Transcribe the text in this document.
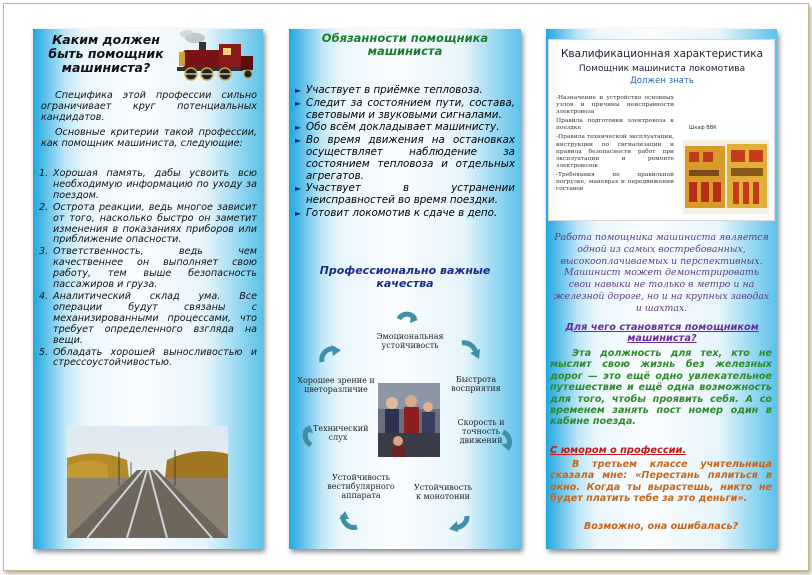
Каким должен быть помощник машиниста?
Специфика этой профессии сильно ограничивает круг потенциальных кандидатов.
Основные критерии такой профессии, как помощник машиниста, следующие:
1. Хорошая память, дабы усвоить всю необходимую информацию по уходу за поездом.
2. Острота реакции, ведь многое зависит от того, насколько быстро он заметит изменения в показаниях приборов или приближение опасности.
3. Ответственность, ведь чем качественнее он выполняет свою работу, тем выше безопасность пассажиров и груза.
4. Аналитический склад ума. Все операции будут связаны с механизированными процессами, что требует определенного взгляда на вещи.
5. Обладать хорошей выносливостью и стрессоустойчивостью.
Обязанности помощника машиниста
► Участвует в приёмке тепловоза.
► Следит за состоянием пути, состава, световыми и звуковыми сигналами.
► Обо всём докладывает машинисту.
► Во время движения на остановках осуществляет наблюдение за состоянием тепловоза и отдельных агрегатов.
► Участвует в устранении неисправностей во время поездки.
► Готовит локомотив к сдаче в депо.
Профессионально важные качества
Эмоциональная устойчивость
Быстрота восприятия
Скорость и точность движений
Устойчивость к монотонии
Устойчивость вестибулярного аппарата
Технический слух
Хорошее зрение и цветоразличие
Квалификационная характеристика
Помощник машиниста локомотива
Должен знать

-Назначение и устройство основных узлов и причины неисправности электровоза

Правила подготовки электровоза к поездке

-Правила технической эксплуатации, инструкции по сигнализации и правила безопасности работ при эксплуатации и ремонте электровозов

-Требования по правильной погрузке, маневрах и передвижении составов

Шкаф ВВК
Работа помощника машиниста является одной из самых востребованных, высокооплачиваемых и перспективных. Машинист может демонстрировать свои навыки не только в метро и на железной дороге, но и на крупных заводах и шахтах.
Для чего становятся помощником машиниста?
Эта должность для тех, кто не мыслит свою жизнь без железных дорог — это ещё одно увлекательное путешествие и ещё одна возможность для того, чтобы проявить себя. А со временем занять пост номер один в кабине поезда.
С юмором о профессии.
В третьем классе учительница сказала мне: «Перестань пялиться в окно. Когда ты вырастешь, никто не будет платить тебе за это деньги».
Возможно, она ошибалась?
